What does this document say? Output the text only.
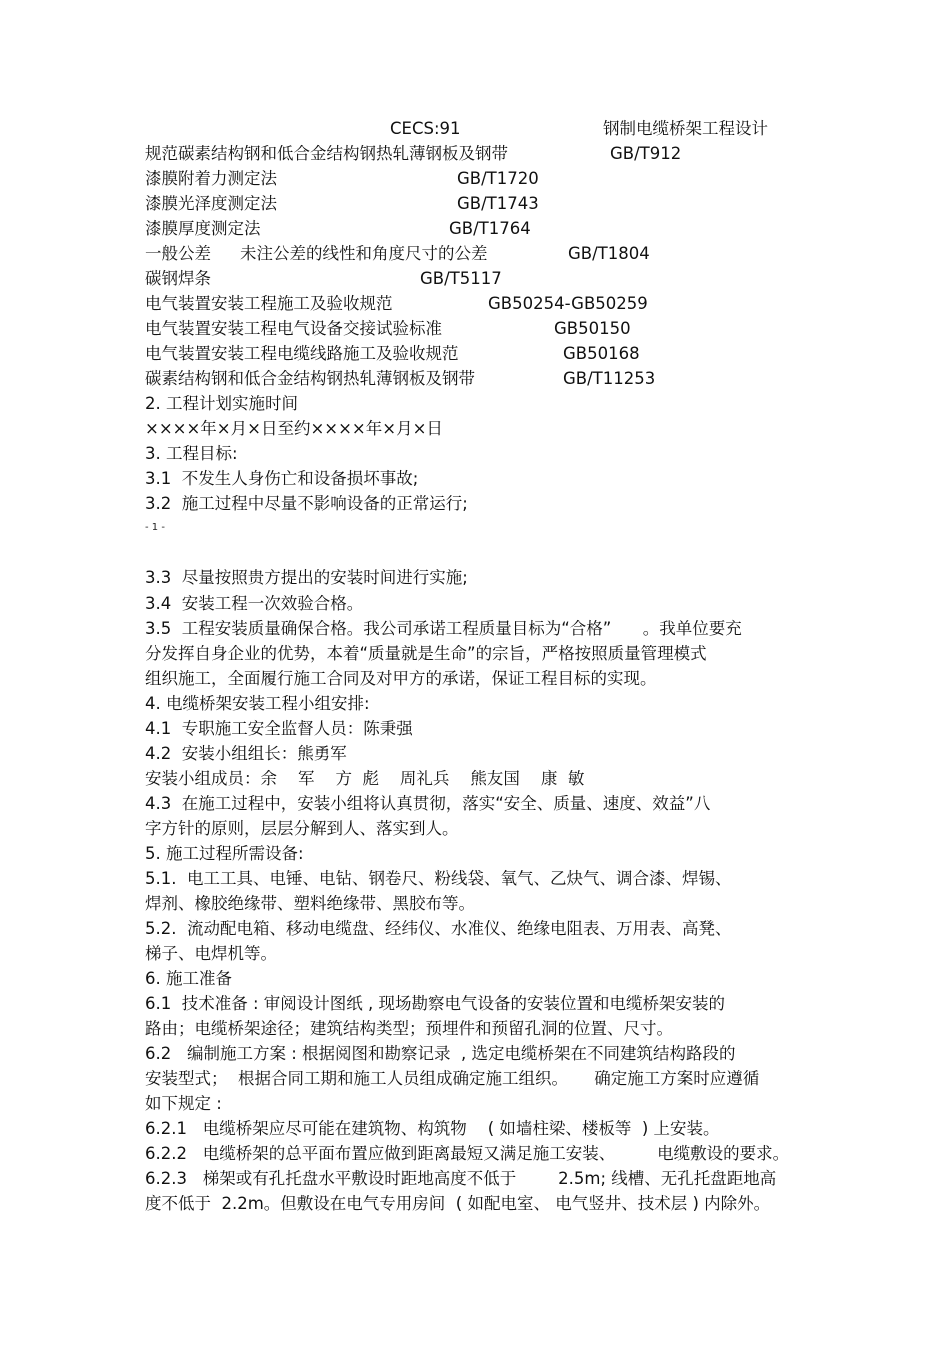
CECS:91	钢制电缆桥架工程设计
规范碳素结构钢和低合金结构钢热轧薄钢板及钢带	GB/T912
漆膜附着力测定法	GB/T1720
漆膜光泽度测定法	GB/T1743
漆膜厚度测定法	GB/T1764
一般公差 未注公差的线性和角度尺寸的公差	GB/T1804
碳钢焊条	GB/T5117
电气装置安装工程施工及验收规范	GB50254-GB50259
电气装置安装工程电气设备交接试验标准	GB50150
电气装置安装工程电缆线路施工及验收规范	GB50168
碳素结构钢和低合金结构钢热轧薄钢板及钢带	GB/T11253
2. 工程计划实施时间
××××年×月×日至约××××年×月×日
3. 工程目标:
3.1  不发生人身伤亡和设备损坏事故;
3.2  施工过程中尽量不影响设备的正常运行;
- 1 -
3.3  尽量按照贵方提出的安装时间进行实施;
3.4  安装工程一次效验合格。
3.5  工程安装质量确保合格。我公司承诺工程质量目标为“合格”      。我单位要充
分发挥自身企业的优势，本着“质量就是生命”的宗旨，严格按照质量管理模式
组织施工，全面履行施工合同及对甲方的承诺，保证工程目标的实现。
4. 电缆桥架安装工程小组安排:
4.1  专职施工安全监督人员：陈秉强
4.2  安装小组组长：熊勇军
安装小组成员：余    军    方  彪    周礼兵    熊友国    康  敏
4.3  在施工过程中，安装小组将认真贯彻，落实“安全、质量、速度、效益”八
字方针的原则，层层分解到人、落实到人。
5. 施工过程所需设备:
5.1.  电工工具、电锤、电钻、钢卷尺、粉线袋、氧气、乙炔气、调合漆、焊锡、
焊剂、橡胶绝缘带、塑料绝缘带、黑胶布等。
5.2.  流动配电箱、移动电缆盘、经纬仪、水准仪、绝缘电阻表、万用表、高凳、
梯子、电焊机等。
6. 施工准备
6.1  技术准备 : 审阅设计图纸 , 现场勘察电气设备的安装位置和电缆桥架安装的
路由；电缆桥架途径；建筑结构类型；预埋件和预留孔洞的位置、尺寸。
6.2   编制施工方案 : 根据阅图和勘察记录  , 选定电缆桥架在不同建筑结构路段的
安装型式；  根据合同工期和施工人员组成确定施工组织。     确定施工方案时应遵循
如下规定 :
6.2.1   电缆桥架应尽可能在建筑物、构筑物    ( 如墙柱梁、楼板等  ) 上安装。
6.2.2   电缆桥架的总平面布置应做到距离最短又满足施工安装、        电缆敷设的要求。
6.2.3   梯架或有孔托盘水平敷设时距地高度不低于        2.5m; 线槽、无孔托盘距地高
度不低于  2.2m。但敷设在电气专用房间  ( 如配电室、 电气竖井、技术层 ) 内除外。
